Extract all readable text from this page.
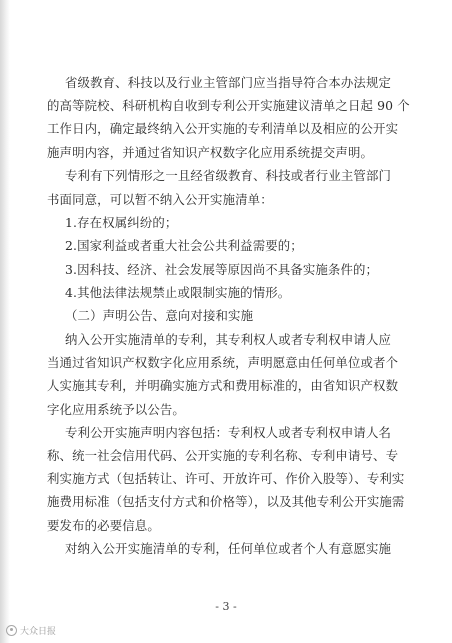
省级教育、科技以及行业主管部门应当指导符合本办法规定
的高等院校、科研机构自收到专利公开实施建议清单之日起 90 个
工作日内，确定最终纳入公开实施的专利清单以及相应的公开实
施声明内容，并通过省知识产权数字化应用系统提交声明。
专利有下列情形之一且经省级教育、科技或者行业主管部门
书面同意，可以暂不纳入公开实施清单：
1.存在权属纠纷的；
2.国家利益或者重大社会公共利益需要的；
3.因科技、经济、社会发展等原因尚不具备实施条件的；
4.其他法律法规禁止或限制实施的情形。
（二）声明公告、意向对接和实施
纳入公开实施清单的专利，其专利权人或者专利权申请人应
当通过省知识产权数字化应用系统，声明愿意由任何单位或者个
人实施其专利，并明确实施方式和费用标准的，由省知识产权数
字化应用系统予以公告。
专利公开实施声明内容包括：专利权人或者专利权申请人名
称、统一社会信用代码、公开实施的专利名称、专利申请号、专
利实施方式（包括转让、许可、开放许可、作价入股等）、专利实
施费用标准（包括支付方式和价格等），以及其他专利公开实施需
要发布的必要信息。
对纳入公开实施清单的专利，任何单位或者个人有意愿实施
- 3 -
大众日报
